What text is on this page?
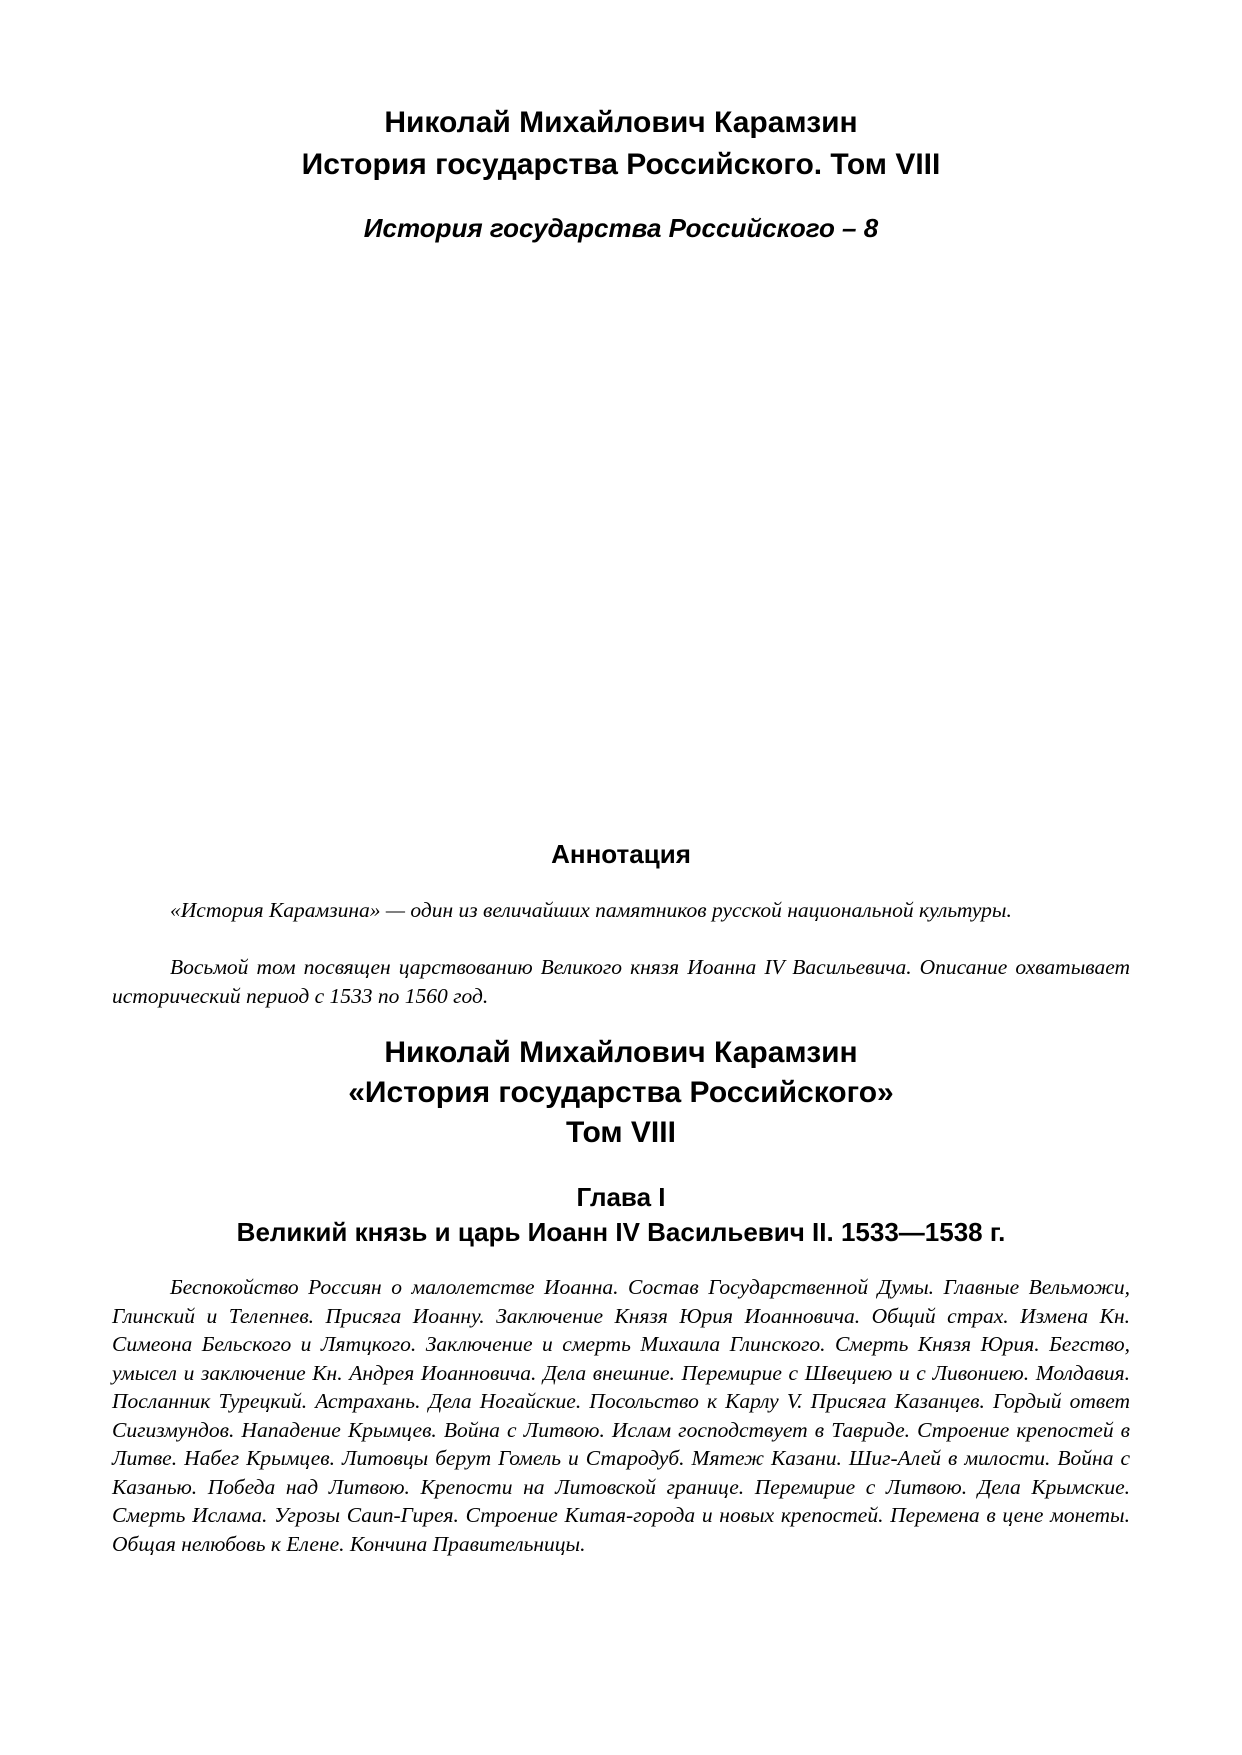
Николай Михайлович Карамзин
История государства Российского. Том VIII
История государства Российского – 8
Аннотация

«История Карамзина» — один из величайших памятников русской национальной культуры.

Восьмой том посвящен царствованию Великого князя Иоанна IV Васильевича. Описание охватывает исторический период с 1533 по 1560 год.

Николай Михайлович Карамзин
«История государства Российского»
Том VIII
Глава I
Великий князь и царь Иоанн IV Васильевич II. 1533—1538 г.

Беспокойство Россиян о малолетстве Иоанна. Состав Государственной Думы. Главные Вельможи, Глинский и Телепнев. Присяга Иоанну. Заключение Князя Юрия Иоанновича. Общий страх. Измена Кн. Симеона Бельского и Лятцкого. Заключение и смерть Михаила Глинского. Смерть Князя Юрия. Бегство, умысел и заключение Кн. Андрея Иоанновича. Дела внешние. Перемирие с Швециею и с Ливониею. Молдавия. Посланник Турецкий. Астрахань. Дела Ногайские. Посольство к Карлу V. Присяга Казанцев. Гордый ответ Сигизмундов. Нападение Крымцев. Война с Литвою. Ислам господствует в Тавриде. Строение крепостей в Литве. Набег Крымцев. Литовцы берут Гомель и Стародуб. Мятеж Казани. Шиг-Алей в милости. Война с Казанью. Победа над Литвою. Крепости на Литовской границе. Перемирие с Литвою. Дела Крымские. Смерть Ислама. Угрозы Саип-Гирея. Строение Китая-города и новых крепостей. Перемена в цене монеты. Общая нелюбовь к Елене. Кончина Правительницы.
